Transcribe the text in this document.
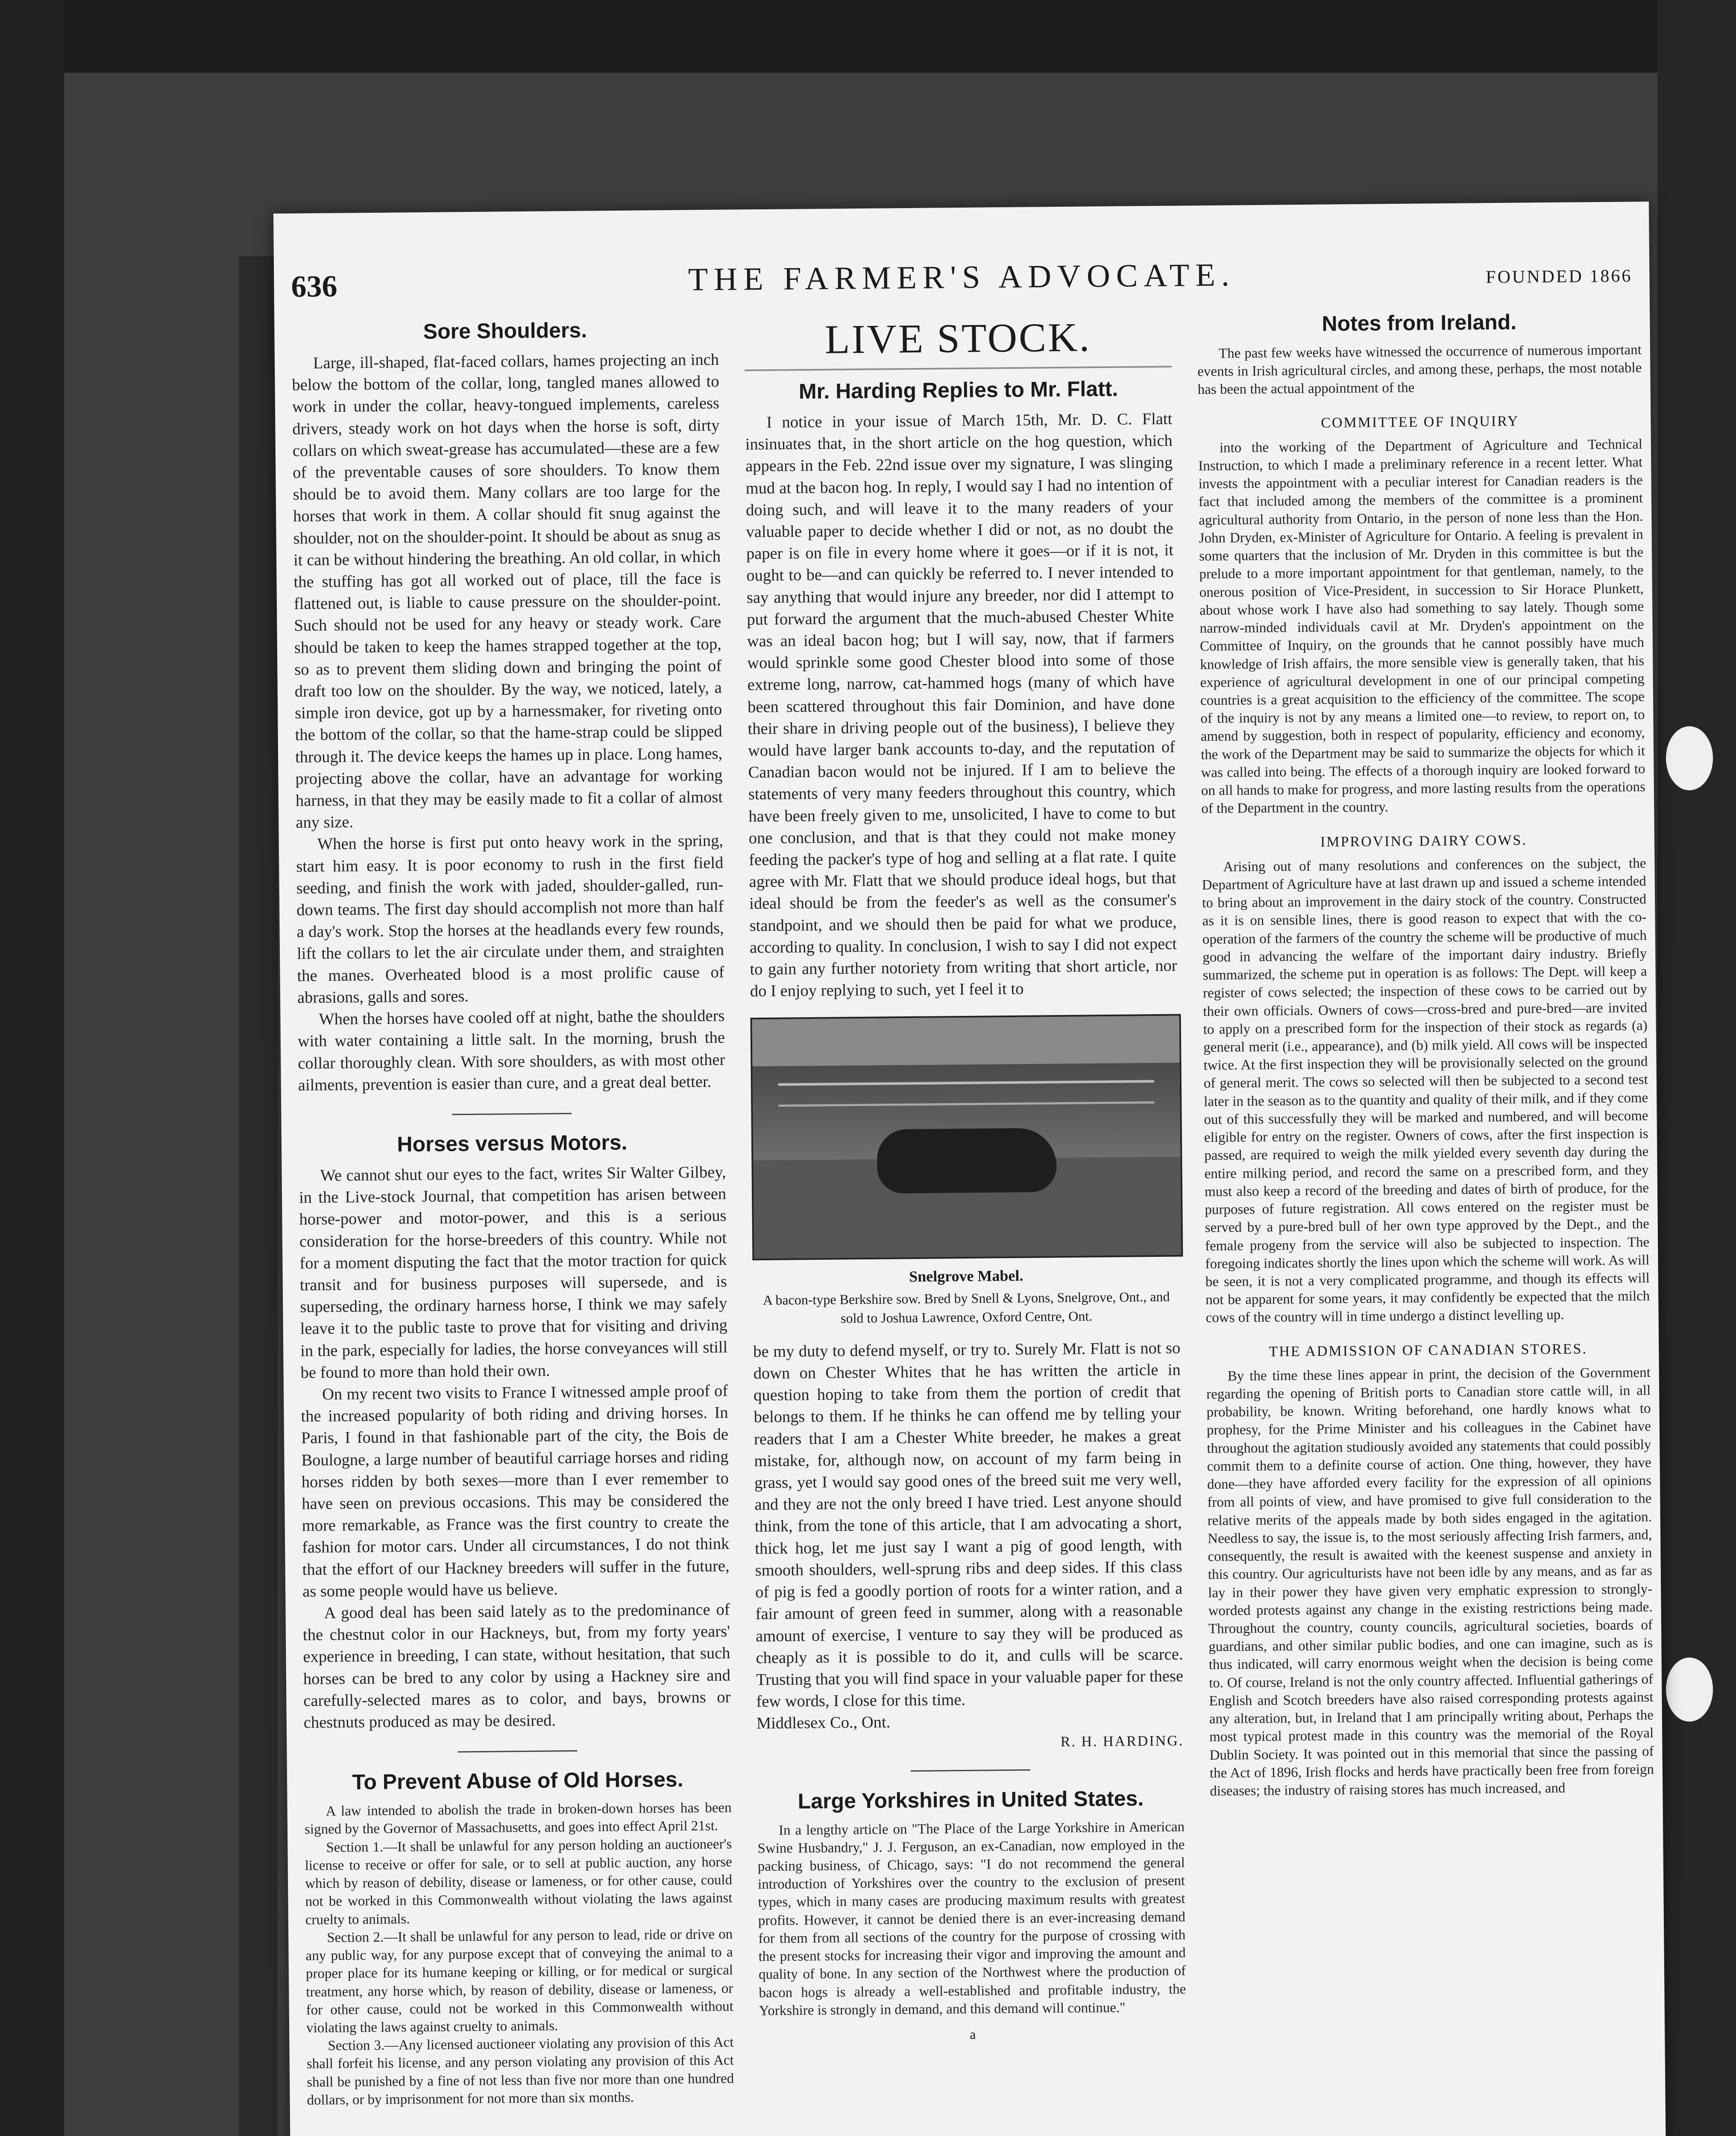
636	THE FARMER'S ADVOCATE.	FOUNDED 1866
Sore Shoulders.

Large, ill-shaped, flat-faced collars, hames projecting an inch below the bottom of the collar, long, tangled manes allowed to work in under the collar, heavy-tongued implements, careless drivers, steady work on hot days when the horse is soft, dirty collars on which sweat-grease has accumulated—these are a few of the preventable causes of sore shoulders. To know them should be to avoid them. Many collars are too large for the horses that work in them. A collar should fit snug against the shoulder, not on the shoulder-point. It should be about as snug as it can be without hindering the breathing. An old collar, in which the stuffing has got all worked out of place, till the face is flattened out, is liable to cause pressure on the shoulder-point. Such should not be used for any heavy or steady work. Care should be taken to keep the hames strapped together at the top, so as to prevent them sliding down and bringing the point of draft too low on the shoulder. By the way, we noticed, lately, a simple iron device, got up by a harnessmaker, for riveting onto the bottom of the collar, so that the hame-strap could be slipped through it. The device keeps the hames up in place. Long hames, projecting above the collar, have an advantage for working harness, in that they may be easily made to fit a collar of almost any size.

When the horse is first put onto heavy work in the spring, start him easy. It is poor economy to rush in the first field seeding, and finish the work with jaded, shoulder-galled, run-down teams. The first day should accomplish not more than half a day's work. Stop the horses at the headlands every few rounds, lift the collars to let the air circulate under them, and straighten the manes. Overheated blood is a most prolific cause of abrasions, galls and sores.

When the horses have cooled off at night, bathe the shoulders with water containing a little salt. In the morning, brush the collar thoroughly clean. With sore shoulders, as with most other ailments, prevention is easier than cure, and a great deal better.

Horses versus Motors.

We cannot shut our eyes to the fact, writes Sir Walter Gilbey, in the Live-stock Journal, that competition has arisen between horse-power and motor-power, and this is a serious consideration for the horse-breeders of this country. While not for a moment disputing the fact that the motor traction for quick transit and for business purposes will supersede, and is superseding, the ordinary harness horse, I think we may safely leave it to the public taste to prove that for visiting and driving in the park, especially for ladies, the horse conveyances will still be found to more than hold their own.

On my recent two visits to France I witnessed ample proof of the increased popularity of both riding and driving horses. In Paris, I found in that fashionable part of the city, the Bois de Boulogne, a large number of beautiful carriage horses and riding horses ridden by both sexes—more than I ever remember to have seen on previous occasions. This may be considered the more remarkable, as France was the first country to create the fashion for motor cars. Under all circumstances, I do not think that the effort of our Hackney breeders will suffer in the future, as some people would have us believe.

A good deal has been said lately as to the predominance of the chestnut color in our Hackneys, but, from my forty years' experience in breeding, I can state, without hesitation, that such horses can be bred to any color by using a Hackney sire and carefully-selected mares as to color, and bays, browns or chestnuts produced as may be desired.

To Prevent Abuse of Old Horses.

A law intended to abolish the trade in broken-down horses has been signed by the Governor of Massachusetts, and goes into effect April 21st.

Section 1.—It shall be unlawful for any person holding an auctioneer's license to receive or offer for sale, or to sell at public auction, any horse which by reason of debility, disease or lameness, or for other cause, could not be worked in this Commonwealth without violating the laws against cruelty to animals.

Section 2.—It shall be unlawful for any person to lead, ride or drive on any public way, for any purpose except that of conveying the animal to a proper place for its humane keeping or killing, or for medical or surgical treatment, any horse which, by reason of debility, disease or lameness, or for other cause, could not be worked in this Commonwealth without violating the laws against cruelty to animals.

Section 3.—Any licensed auctioneer violating any provision of this Act shall forfeit his license, and any person violating any provision of this Act shall be punished by a fine of not less than five nor more than one hundred dollars, or by imprisonment for not more than six months.

LIVE STOCK.
Mr. Harding Replies to Mr. Flatt.

I notice in your issue of March 15th, Mr. D. C. Flatt insinuates that, in the short article on the hog question, which appears in the Feb. 22nd issue over my signature, I was slinging mud at the bacon hog. In reply, I would say I had no intention of doing such, and will leave it to the many readers of your valuable paper to decide whether I did or not, as no doubt the paper is on file in every home where it goes—or if it is not, it ought to be—and can quickly be referred to. I never intended to say anything that would injure any breeder, nor did I attempt to put forward the argument that the much-abused Chester White was an ideal bacon hog; but I will say, now, that if farmers would sprinkle some good Chester blood into some of those extreme long, narrow, cat-hammed hogs (many of which have been scattered throughout this fair Dominion, and have done their share in driving people out of the business), I believe they would have larger bank accounts to-day, and the reputation of Canadian bacon would not be injured. If I am to believe the statements of very many feeders throughout this country, which have been freely given to me, unsolicited, I have to come to but one conclusion, and that is that they could not make money feeding the packer's type of hog and selling at a flat rate. I quite agree with Mr. Flatt that we should produce ideal hogs, but that ideal should be from the feeder's as well as the consumer's standpoint, and we should then be paid for what we produce, according to quality. In conclusion, I wish to say I did not expect to gain any further notoriety from writing that short article, nor do I enjoy replying to such, yet I feel it to

Snelgrove Mabel.
A bacon-type Berkshire sow. Bred by Snell & Lyons, Snelgrove, Ont., and sold to Joshua Lawrence, Oxford Centre, Ont.

be my duty to defend myself, or try to. Surely Mr. Flatt is not so down on Chester Whites that he has written the article in question hoping to take from them the portion of credit that belongs to them. If he thinks he can offend me by telling your readers that I am a Chester White breeder, he makes a great mistake, for, although now, on account of my farm being in grass, yet I would say good ones of the breed suit me very well, and they are not the only breed I have tried. Lest anyone should think, from the tone of this article, that I am advocating a short, thick hog, let me just say I want a pig of good length, with smooth shoulders, well-sprung ribs and deep sides. If this class of pig is fed a goodly portion of roots for a winter ration, and a fair amount of green feed in summer, along with a reasonable amount of exercise, I venture to say they will be produced as cheaply as it is possible to do it, and culls will be scarce. Trusting that you will find space in your valuable paper for these few words, I close for this time.

Middlesex Co., Ont.

R. H. HARDING.
Large Yorkshires in United States.

In a lengthy article on "The Place of the Large Yorkshire in American Swine Husbandry," J. J. Ferguson, an ex-Canadian, now employed in the packing business, of Chicago, says: "I do not recommend the general introduction of Yorkshires over the country to the exclusion of present types, which in many cases are producing maximum results with greatest profits. However, it cannot be denied there is an ever-increasing demand for them from all sections of the country for the purpose of crossing with the present stocks for increasing their vigor and improving the amount and quality of bone. In any section of the Northwest where the production of bacon hogs is already a well-established and profitable industry, the Yorkshire is strongly in demand, and this demand will continue."

a
Notes from Ireland.

The past few weeks have witnessed the occurrence of numerous important events in Irish agricultural circles, and among these, perhaps, the most notable has been the actual appointment of the

COMMITTEE OF INQUIRY

into the working of the Department of Agriculture and Technical Instruction, to which I made a preliminary reference in a recent letter. What invests the appointment with a peculiar interest for Canadian readers is the fact that included among the members of the committee is a prominent agricultural authority from Ontario, in the person of none less than the Hon. John Dryden, ex-Minister of Agriculture for Ontario. A feeling is prevalent in some quarters that the inclusion of Mr. Dryden in this committee is but the prelude to a more important appointment for that gentleman, namely, to the onerous position of Vice-President, in succession to Sir Horace Plunkett, about whose work I have also had something to say lately. Though some narrow-minded individuals cavil at Mr. Dryden's appointment on the Committee of Inquiry, on the grounds that he cannot possibly have much knowledge of Irish affairs, the more sensible view is generally taken, that his experience of agricultural development in one of our principal competing countries is a great acquisition to the efficiency of the committee. The scope of the inquiry is not by any means a limited one—to review, to report on, to amend by suggestion, both in respect of popularity, efficiency and economy, the work of the Department may be said to summarize the objects for which it was called into being. The effects of a thorough inquiry are looked forward to on all hands to make for progress, and more lasting results from the operations of the Department in the country.

IMPROVING DAIRY COWS.

Arising out of many resolutions and conferences on the subject, the Department of Agriculture have at last drawn up and issued a scheme intended to bring about an improvement in the dairy stock of the country. Constructed as it is on sensible lines, there is good reason to expect that with the co-operation of the farmers of the country the scheme will be productive of much good in advancing the welfare of the important dairy industry. Briefly summarized, the scheme put in operation is as follows: The Dept. will keep a register of cows selected; the inspection of these cows to be carried out by their own officials. Owners of cows—cross-bred and pure-bred—are invited to apply on a prescribed form for the inspection of their stock as regards (a) general merit (i.e., appearance), and (b) milk yield. All cows will be inspected twice. At the first inspection they will be provisionally selected on the ground of general merit. The cows so selected will then be subjected to a second test later in the season as to the quantity and quality of their milk, and if they come out of this successfully they will be marked and numbered, and will become eligible for entry on the register. Owners of cows, after the first inspection is passed, are required to weigh the milk yielded every seventh day during the entire milking period, and record the same on a prescribed form, and they must also keep a record of the breeding and dates of birth of produce, for the purposes of future registration. All cows entered on the register must be served by a pure-bred bull of her own type approved by the Dept., and the female progeny from the service will also be subjected to inspection. The foregoing indicates shortly the lines upon which the scheme will work. As will be seen, it is not a very complicated programme, and though its effects will not be apparent for some years, it may confidently be expected that the milch cows of the country will in time undergo a distinct levelling up.

THE ADMISSION OF CANADIAN STORES.

By the time these lines appear in print, the decision of the Government regarding the opening of British ports to Canadian store cattle will, in all probability, be known. Writing beforehand, one hardly knows what to prophesy, for the Prime Minister and his colleagues in the Cabinet have throughout the agitation studiously avoided any statements that could possibly commit them to a definite course of action. One thing, however, they have done—they have afforded every facility for the expression of all opinions from all points of view, and have promised to give full consideration to the relative merits of the appeals made by both sides engaged in the agitation. Needless to say, the issue is, to the most seriously affecting Irish farmers, and, consequently, the result is awaited with the keenest suspense and anxiety in this country. Our agriculturists have not been idle by any means, and as far as lay in their power they have given very emphatic expression to strongly-worded protests against any change in the existing restrictions being made. Throughout the country, county councils, agricultural societies, boards of guardians, and other similar public bodies, and one can imagine, such as is thus indicated, will carry enormous weight when the decision is being come to. Of course, Ireland is not the only country affected. Influential gatherings of English and Scotch breeders have also raised corresponding protests against any alteration, but, in Ireland that I am principally writing about, Perhaps the most typical protest made in this country was the memorial of the Royal Dublin Society. It was pointed out in this memorial that since the passing of the Act of 1896, Irish flocks and herds have practically been free from foreign diseases; the industry of raising stores has much increased, and
